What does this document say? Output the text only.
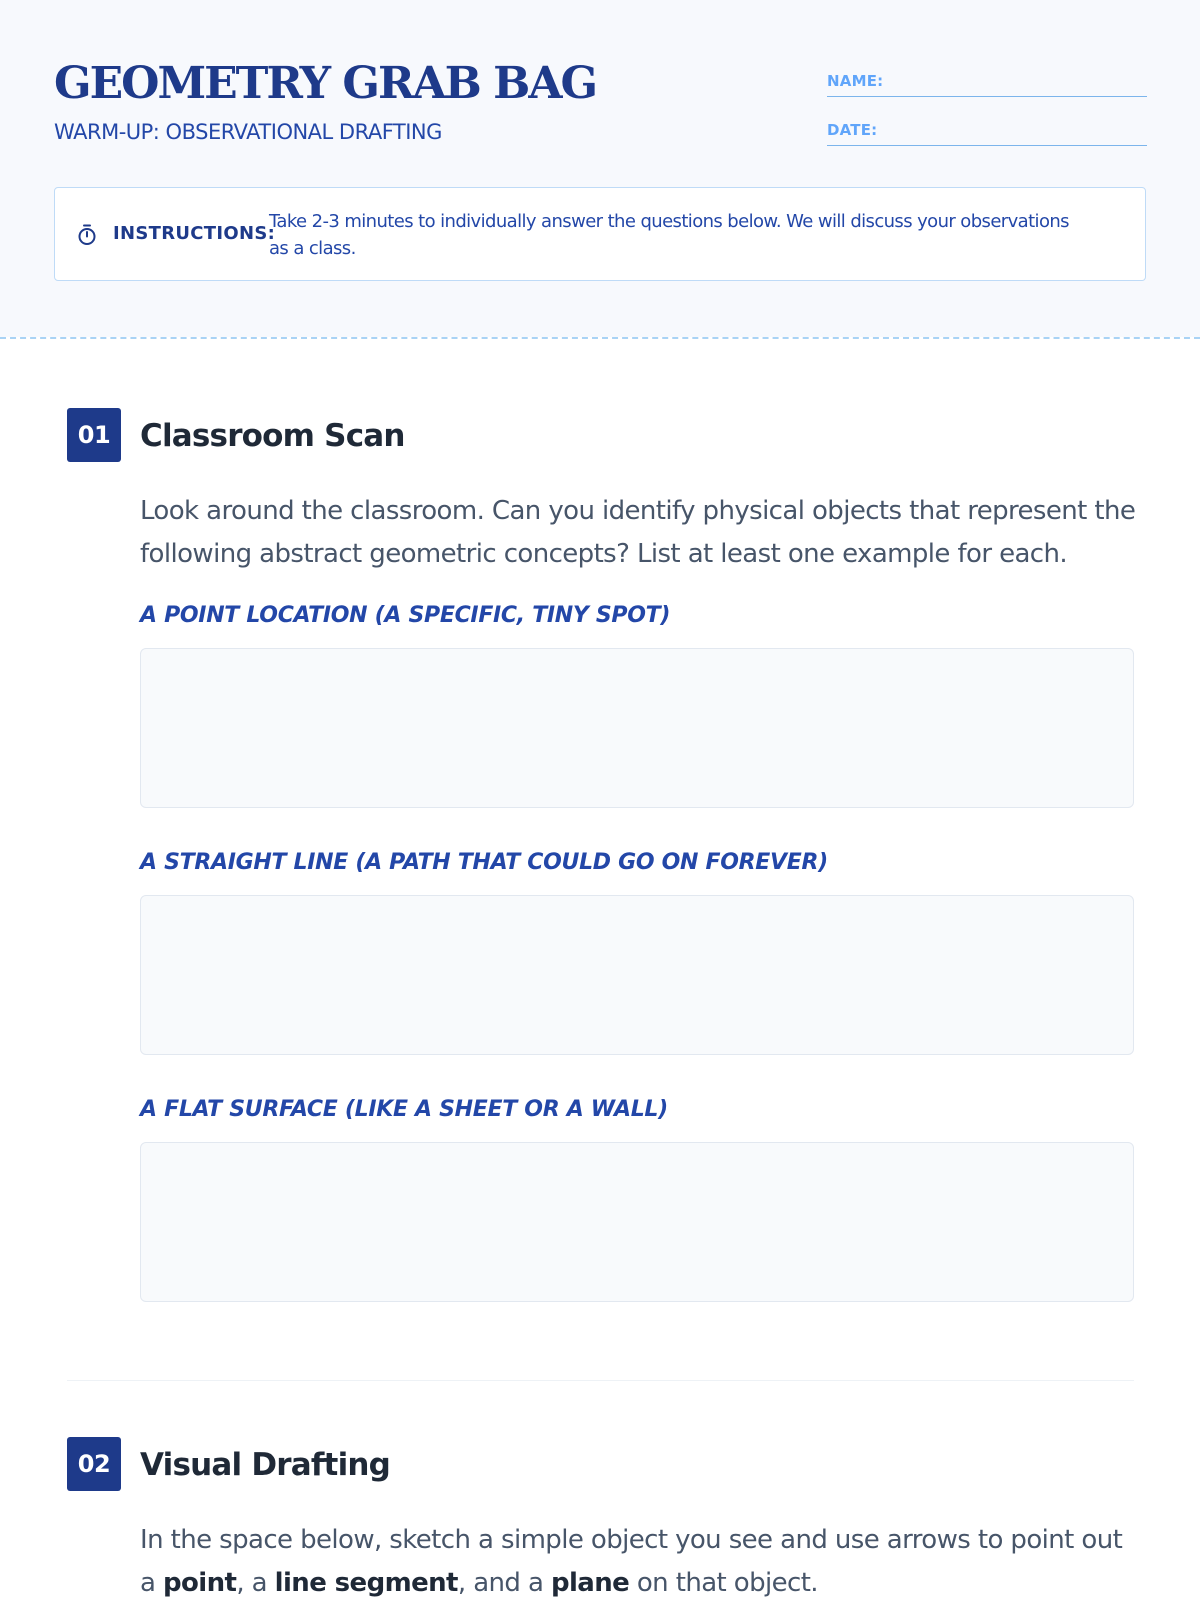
GEOMETRY GRAB BAG
WARM-UP: OBSERVATIONAL DRAFTING
NAME:
DATE:
INSTRUCTIONS:
Take 2-3 minutes to individually answer the questions below. We will discuss your observations as a class.
01 Classroom Scan

Look around the classroom. Can you identify physical objects that represent the following abstract geometric concepts? List at least one example for each.

A POINT LOCATION (A SPECIFIC, TINY SPOT)
A STRAIGHT LINE (A PATH THAT COULD GO ON FOREVER)
A FLAT SURFACE (LIKE A SHEET OR A WALL)
02 Visual Drafting

In the space below, sketch a simple object you see and use arrows to point out a point, a line segment, and a plane on that object.
